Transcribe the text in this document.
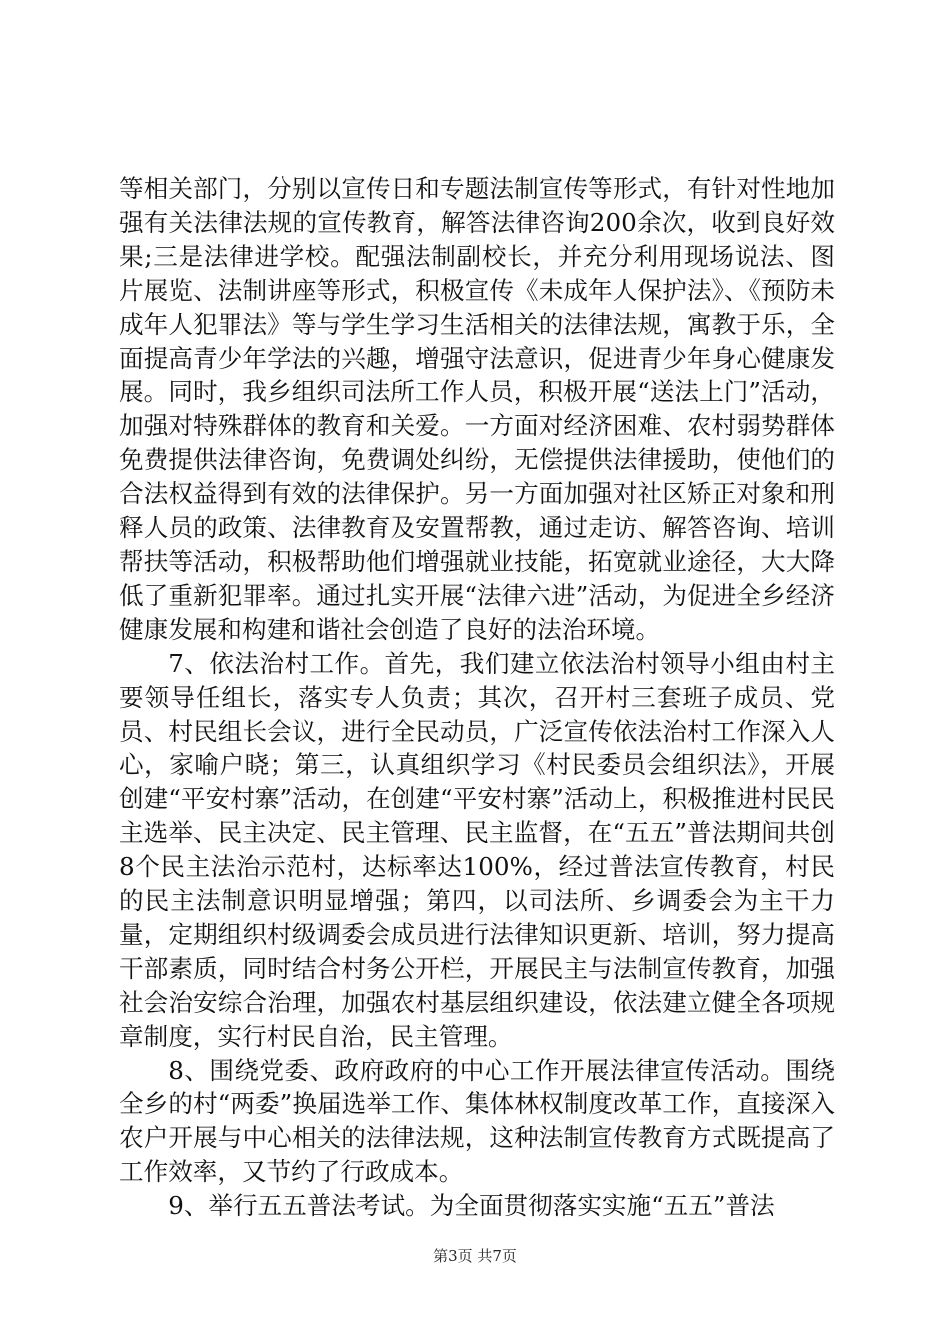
等相关部门，分别以宣传日和专题法制宣传等形式，有针对性地加强有关法律法规的宣传教育，解答法律咨询200余次，收到良好效果;三是法律进学校。配强法制副校长，并充分利用现场说法、图片展览、法制讲座等形式，积极宣传《未成年人保护法》、《预防未成年人犯罪法》等与学生学习生活相关的法律法规，寓教于乐，全面提高青少年学法的兴趣，增强守法意识，促进青少年身心健康发展。同时，我乡组织司法所工作人员，积极开展“送法上门”活动，加强对特殊群体的教育和关爱。一方面对经济困难、农村弱势群体免费提供法律咨询，免费调处纠纷，无偿提供法律援助，使他们的合法权益得到有效的法律保护。另一方面加强对社区矫正对象和刑释人员的政策、法律教育及安置帮教，通过走访、解答咨询、培训帮扶等活动，积极帮助他们增强就业技能，拓宽就业途径，大大降低了重新犯罪率。通过扎实开展“法律六进”活动，为促进全乡经济健康发展和构建和谐社会创造了良好的法治环境。

7、依法治村工作。首先，我们建立依法治村领导小组由村主要领导任组长，落实专人负责；其次，召开村三套班子成员、党员、村民组长会议，进行全民动员，广泛宣传依法治村工作深入人心，家喻户晓；第三，认真组织学习《村民委员会组织法》，开展创建“平安村寨”活动，在创建“平安村寨”活动上，积极推进村民民主选举、民主决定、民主管理、民主监督，在“五五”普法期间共创8个民主法治示范村，达标率达100%，经过普法宣传教育，村民的民主法制意识明显增强；第四，以司法所、乡调委会为主干力量，定期组织村级调委会成员进行法律知识更新、培训，努力提高干部素质，同时结合村务公开栏，开展民主与法制宣传教育，加强社会治安综合治理，加强农村基层组织建设，依法建立健全各项规章制度，实行村民自治，民主管理。

8、围绕党委、政府政府的中心工作开展法律宣传活动。围绕全乡的村“两委”换届选举工作、集体林权制度改革工作，直接深入农户开展与中心相关的法律法规，这种法制宣传教育方式既提高了工作效率，又节约了行政成本。

9、举行五五普法考试。为全面贯彻落实实施“五五”普法

第3页 共7页
